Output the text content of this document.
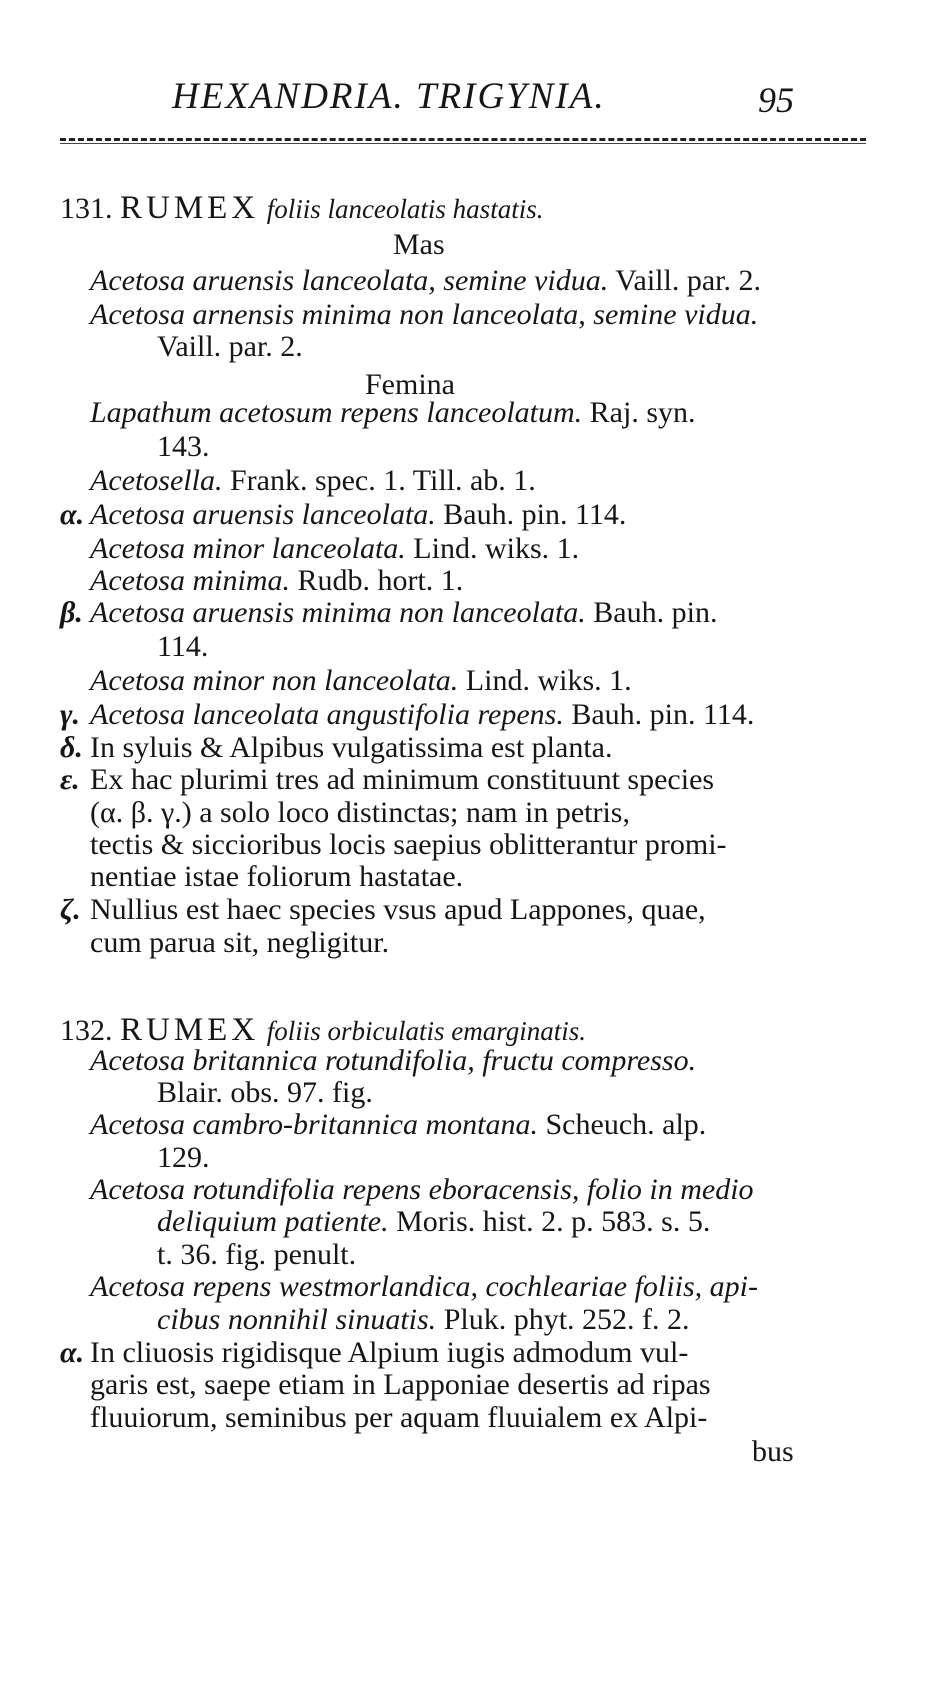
HEXANDRIA. TRIGYNIA.	95
131. RUMEX foliis lanceolatis hastatis.
Mas
Acetosa aruensis lanceolata, semine vidua. Vaill. par. 2.
Acetosa arnensis minima non lanceolata, semine vidua.
Vaill. par. 2.
Lapathum acetosum repens lanceolatum. Raj. syn.
143.
Acetosella. Frank. spec. 1. Till. ab. 1.
α. Acetosa aruensis lanceolata. Bauh. pin. 114.
Acetosa minor lanceolata. Lind. wiks. 1.
Acetosa minima. Rudb. hort. 1.
β. Acetosa aruensis minima non lanceolata. Bauh. pin.
114.
Acetosa minor non lanceolata. Lind. wiks. 1.
γ. Acetosa lanceolata angustifolia repens. Bauh. pin. 114.
δ. In syluis & Alpibus vulgatissima est planta.
ε. Ex hac plurimi tres ad minimum constituunt species
(α. β. γ.) a solo loco distinctas; nam in petris,
tectis & siccioribus locis saepius oblitterantur promi-
nentiae istae foliorum hastatae.
ζ. Nullius est haec species vsus apud Lappones, quae,
cum parua sit, negligitur.
Femina
132. RUMEX foliis orbiculatis emarginatis.
Acetosa britannica rotundifolia, fructu compresso.
Blair. obs. 97. fig.
Acetosa cambro-britannica montana. Scheuch. alp.
129.
Acetosa rotundifolia repens eboracensis, folio in medio
deliquium patiente. Moris. hist. 2. p. 583. s. 5.
t. 36. fig. penult.
Acetosa repens westmorlandica, cochleariae foliis, api-
cibus nonnihil sinuatis. Pluk. phyt. 252. f. 2.
α. In cliuosis rigidisque Alpium iugis admodum vul-
garis est, saepe etiam in Lapponiae desertis ad ripas
fluuiorum, seminibus per aquam fluuialem ex Alpi-
bus
